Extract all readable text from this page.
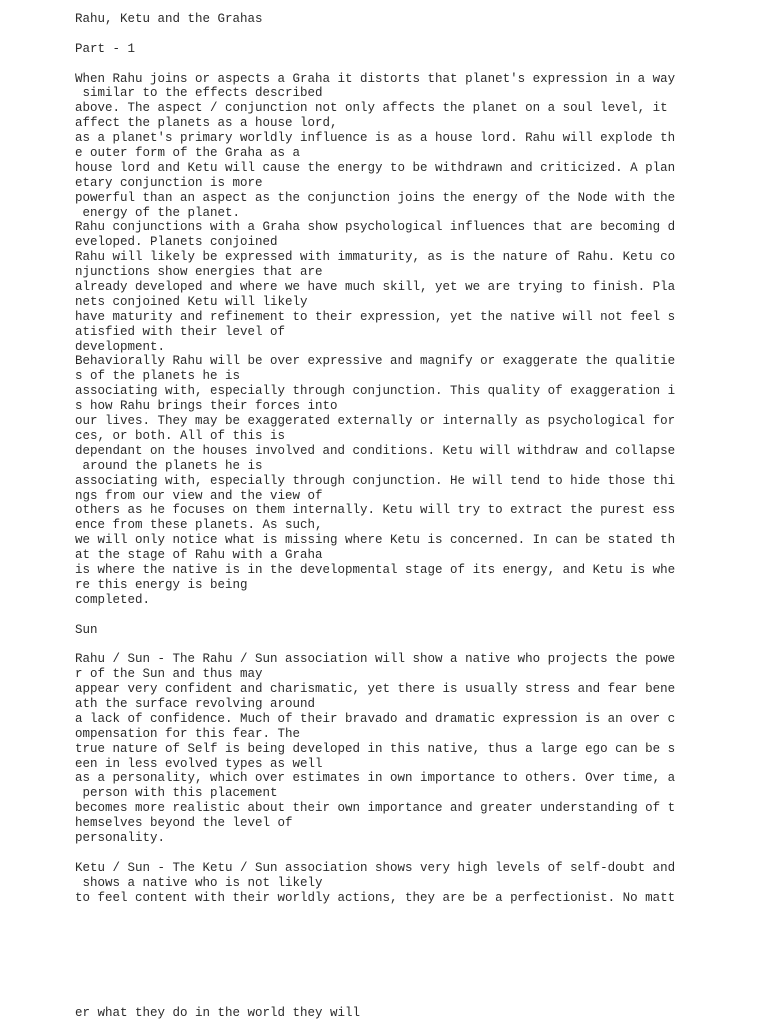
Rahu, Ketu and the Grahas
Part - 1
When Rahu joins or aspects a Graha it distorts that planet's expression in a way
similar to the effects described
above. The aspect / conjunction not only affects the planet on a soul level, it
affect the planets as a house lord,
as a planet's primary worldly influence is as a house lord. Rahu will explode th
e outer form of the Graha as a
house lord and Ketu will cause the energy to be withdrawn and criticized. A plan
etary conjunction is more
powerful than an aspect as the conjunction joins the energy of the Node with the
energy of the planet.
Rahu conjunctions with a Graha show psychological influences that are becoming d
eveloped. Planets conjoined
Rahu will likely be expressed with immaturity, as is the nature of Rahu. Ketu co
njunctions show energies that are
already developed and where we have much skill, yet we are trying to finish. Pla
nets conjoined Ketu will likely
have maturity and refinement to their expression, yet the native will not feel s
atisfied with their level of
development.
Behaviorally Rahu will be over expressive and magnify or exaggerate the qualitie
s of the planets he is
associating with, especially through conjunction. This quality of exaggeration i
s how Rahu brings their forces into
our lives. They may be exaggerated externally or internally as psychological for
ces, or both. All of this is
dependant on the houses involved and conditions. Ketu will withdraw and collapse
around the planets he is
associating with, especially through conjunction. He will tend to hide those thi
ngs from our view and the view of
others as he focuses on them internally. Ketu will try to extract the purest ess
ence from these planets. As such,
we will only notice what is missing where Ketu is concerned. In can be stated th
at the stage of Rahu with a Graha
is where the native is in the developmental stage of its energy, and Ketu is whe
re this energy is being
completed.
Sun
Rahu / Sun - The Rahu / Sun association will show a native who projects the powe
r of the Sun and thus may
appear very confident and charismatic, yet there is usually stress and fear bene
ath the surface revolving around
a lack of confidence. Much of their bravado and dramatic expression is an over c
ompensation for this fear. The
true nature of Self is being developed in this native, thus a large ego can be s
een in less evolved types as well
as a personality, which over estimates in own importance to others. Over time, a
person with this placement
becomes more realistic about their own importance and greater understanding of t
hemselves beyond the level of
personality.
Ketu / Sun - The Ketu / Sun association shows very high levels of self-doubt and
shows a native who is not likely
to feel content with their worldly actions, they are be a perfectionist. No matt
er what they do in the world they will
